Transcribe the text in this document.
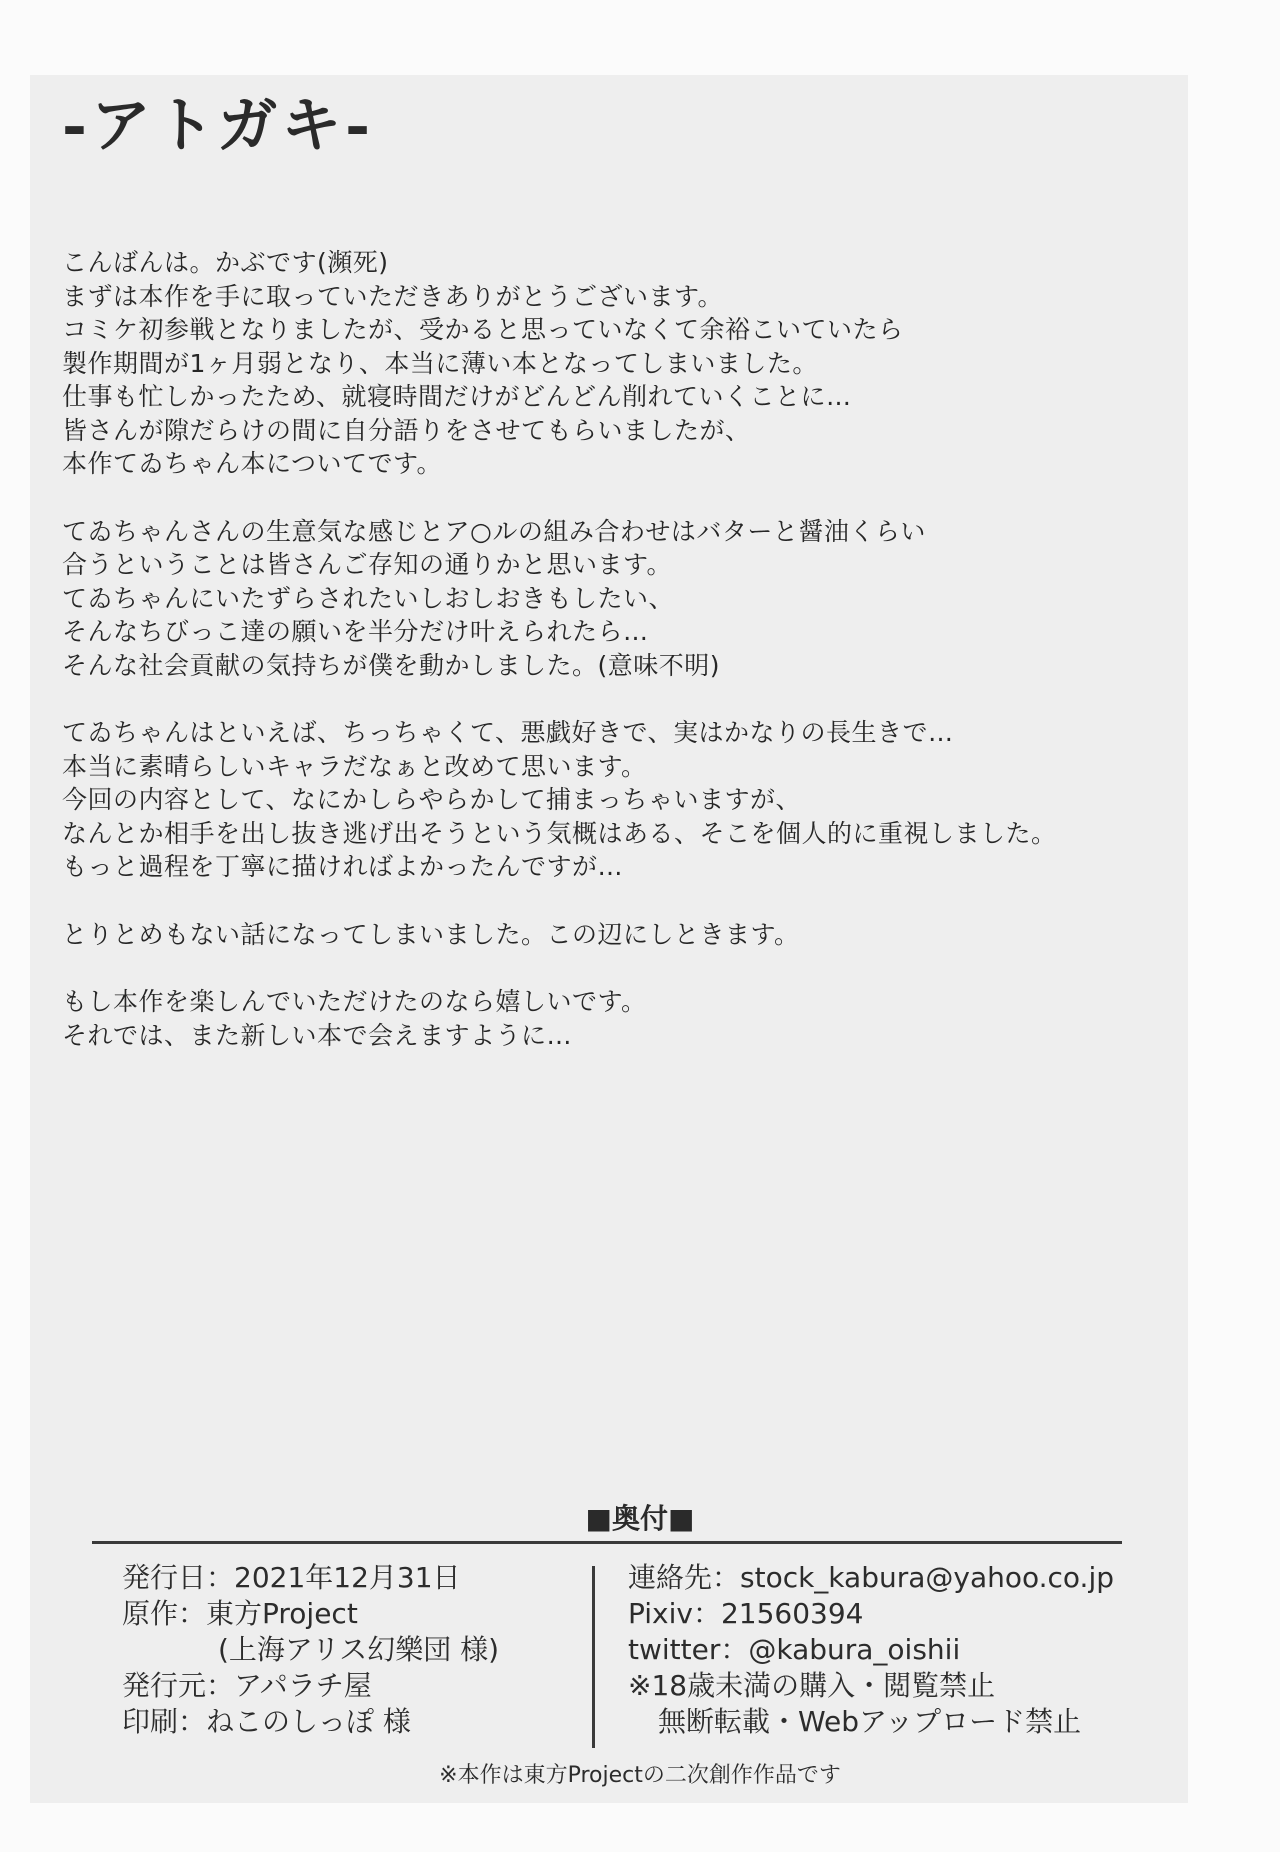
-アトガキ-
こんばんは。かぶです(瀕死)
まずは本作を手に取っていただきありがとうございます。
コミケ初参戦となりましたが、受かると思っていなくて余裕こいていたら
製作期間が1ヶ月弱となり、本当に薄い本となってしまいました。
仕事も忙しかったため、就寝時間だけがどんどん削れていくことに…
皆さんが隙だらけの間に自分語りをさせてもらいましたが、
本作てゐちゃん本についてです。
てゐちゃんさんの生意気な感じとア○ルの組み合わせはバターと醤油くらい
合うということは皆さんご存知の通りかと思います。
てゐちゃんにいたずらされたいしおしおきもしたい、
そんなちびっこ達の願いを半分だけ叶えられたら…
そんな社会貢献の気持ちが僕を動かしました。(意味不明)
てゐちゃんはといえば、ちっちゃくて、悪戯好きで、実はかなりの長生きで…
本当に素晴らしいキャラだなぁと改めて思います。
今回の内容として、なにかしらやらかして捕まっちゃいますが、
なんとか相手を出し抜き逃げ出そうという気概はある、そこを個人的に重視しました。
もっと過程を丁寧に描ければよかったんですが…
とりとめもない話になってしまいました。この辺にしときます。
もし本作を楽しんでいただけたのなら嬉しいです。
それでは、また新しい本で会えますように…
■奥付■
発行日：2021年12月31日
原作：東方Project
(上海アリス幻樂団 様)
発行元：アパラチ屋
印刷：ねこのしっぽ 様
連絡先：stock_kabura@yahoo.co.jp
Pixiv：21560394
twitter：@kabura_oishii
※18歳未満の購入・閲覧禁止
無断転載・Webアップロード禁止
※本作は東方Projectの二次創作作品です
